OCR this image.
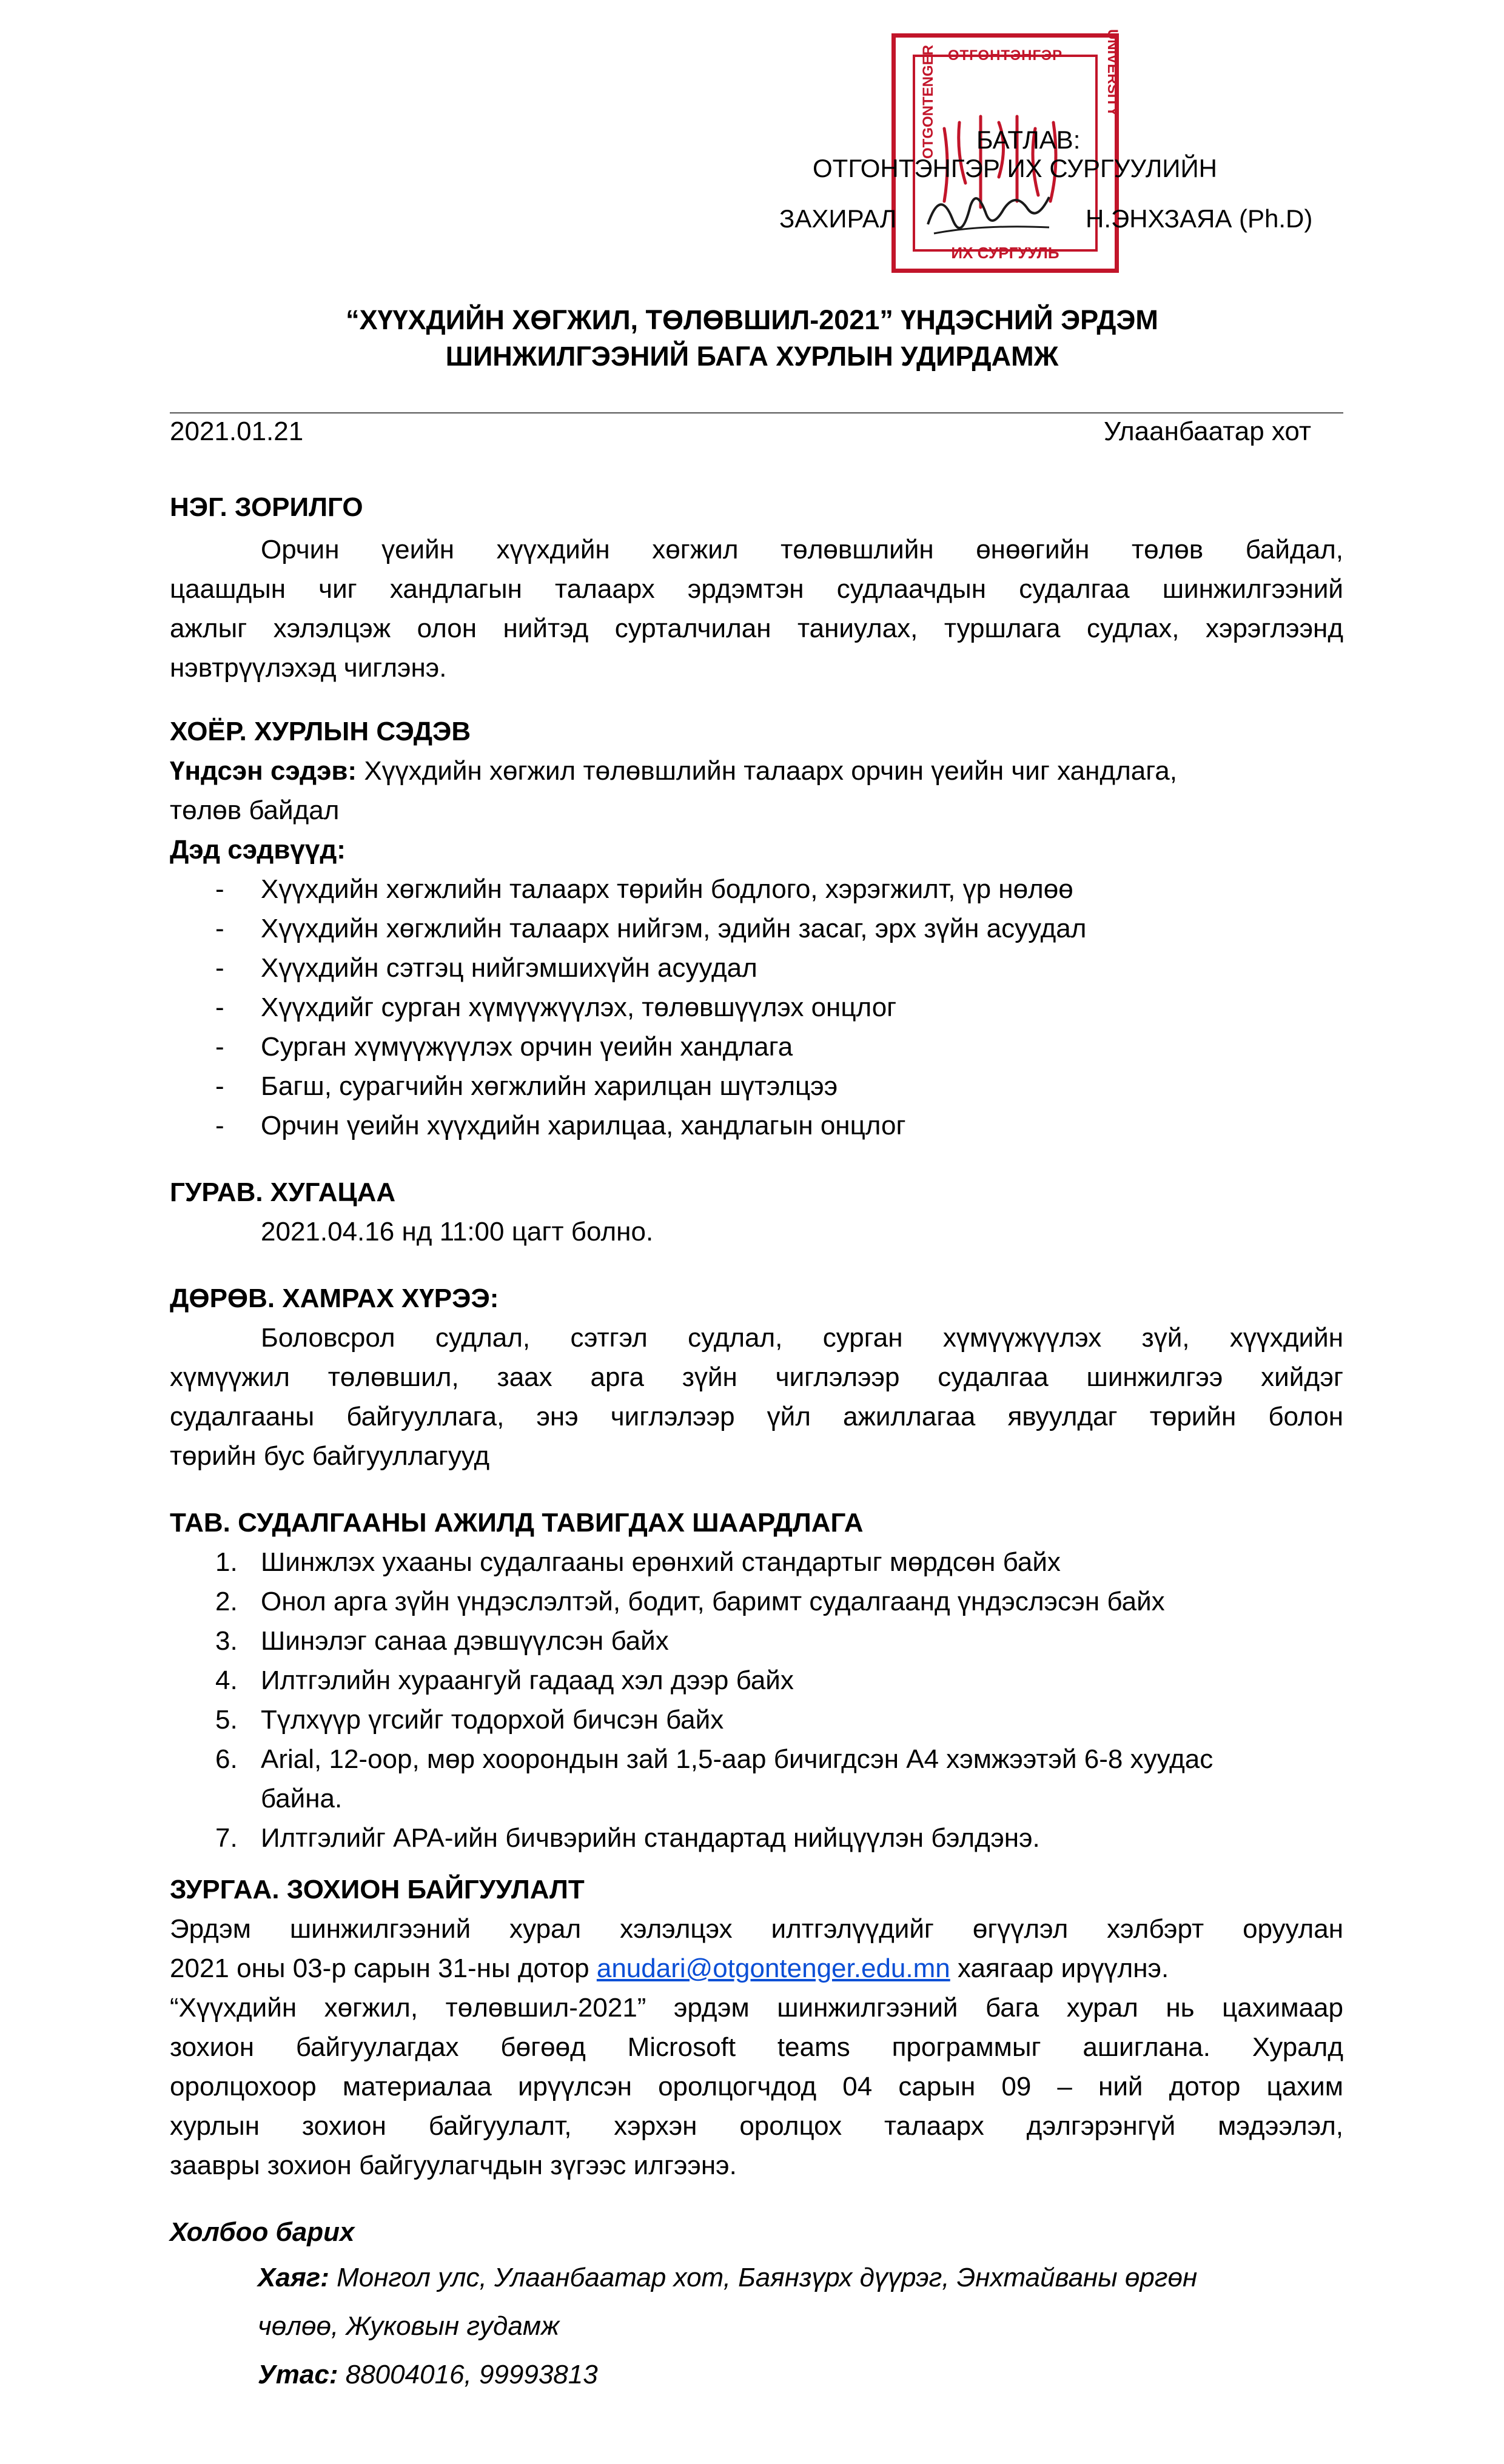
ОТГОНТЭНГЭР
OTGONTENGER	UNIVERSITY
ИХ СУРГУУЛЬ
БАТЛАВ:
ОТГОНТЭНГЭР ИХ СУРГУУЛИЙН
ЗАХИРАЛ	Н.ЭНХЗАЯА (Ph.D)
“ХҮҮХДИЙН ХӨГЖИЛ, ТӨЛӨВШИЛ-2021” ҮНДЭСНИЙ ЭРДЭМ
ШИНЖИЛГЭЭНИЙ БАГА ХУРЛЫН УДИРДАМЖ
2021.01.21	Улаанбаатар хот
НЭГ. ЗОРИЛГО
Орчин үеийн хүүхдийн хөгжил төлөвшлийн өнөөгийн төлөв байдал,
цаашдын чиг хандлагын талаарх эрдэмтэн судлаачдын судалгаа шинжилгээний
ажлыг хэлэлцэж олон нийтэд сурталчилан таниулах, туршлага судлах, хэрэглээнд
нэвтрүүлэхэд чиглэнэ.
ХОЁР. ХУРЛЫН СЭДЭВ
Үндсэн сэдэв: Хүүхдийн хөгжил төлөвшлийн талаарх орчин үеийн чиг хандлага,
төлөв байдал
Дэд сэдвүүд:
- Хүүхдийн хөгжлийн талаарх төрийн бодлого, хэрэгжилт, үр нөлөө
- Хүүхдийн хөгжлийн талаарх нийгэм, эдийн засаг, эрх зүйн асуудал
- Хүүхдийн сэтгэц нийгэмшихүйн асуудал
- Хүүхдийг сурган хүмүүжүүлэх, төлөвшүүлэх онцлог
- Сурган хүмүүжүүлэх орчин үеийн хандлага
- Багш, сурагчийн хөгжлийн харилцан шүтэлцээ
- Орчин үеийн хүүхдийн харилцаа, хандлагын онцлог
ГУРАВ. ХУГАЦАА
2021.04.16 нд 11:00 цагт болно.
ДӨРӨВ. ХАМРАХ ХҮРЭЭ:
Боловсрол судлал, сэтгэл судлал, сурган хүмүүжүүлэх зүй, хүүхдийн
хүмүүжил төлөвшил, заах арга зүйн чиглэлээр судалгаа шинжилгээ хийдэг
судалгааны байгууллага, энэ чиглэлээр үйл ажиллагаа явуулдаг төрийн болон
төрийн бус байгууллагууд
ТАВ. СУДАЛГААНЫ АЖИЛД ТАВИГДАХ ШААРДЛАГА
1. Шинжлэх ухааны судалгааны ерөнхий стандартыг мөрдсөн байх
2. Онол арга зүйн үндэслэлтэй, бодит, баримт судалгаанд үндэслэсэн байх
3. Шинэлэг санаа дэвшүүлсэн байх
4. Илтгэлийн хураангуй гадаад хэл дээр байх
5. Түлхүүр үгсийг тодорхой бичсэн байх
6. Arial, 12-оор, мөр хоорондын зай 1,5-аар бичигдсэн А4 хэмжээтэй 6-8 хуудас
байна.
7. Илтгэлийг APA-ийн бичвэрийн стандартад нийцүүлэн бэлдэнэ.
ЗУРГАА. ЗОХИОН БАЙГУУЛАЛТ
Эрдэм шинжилгээний хурал хэлэлцэх илтгэлүүдийг өгүүлэл хэлбэрт оруулан
2021 оны 03-р сарын 31-ны дотор anudari@otgontenger.edu.mn хаягаар ирүүлнэ.
“Хүүхдийн хөгжил, төлөвшил-2021” эрдэм шинжилгээний бага хурал нь цахимаар
зохион байгуулагдах бөгөөд Microsoft teams программыг ашиглана. Хуралд
оролцохоор материалаа ирүүлсэн оролцогчдод 04 сарын 09 – ний дотор цахим
хурлын зохион байгуулалт, хэрхэн оролцох талаарх дэлгэрэнгүй мэдээлэл,
заавры зохион байгуулагчдын зүгээс илгээнэ.
Холбоо барих
Хаяг: Монгол улс, Улаанбаатар хот, Баянзүрх дүүрэг, Энхтайваны өргөн
чөлөө, Жуковын гудамж
Утас: 88004016, 99993813
